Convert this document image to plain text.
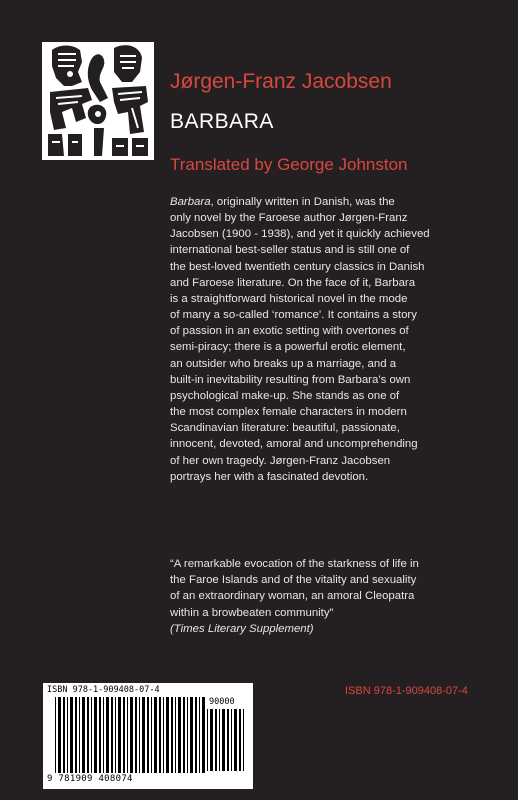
Jørgen-Franz Jacobsen
BARBARA
Translated by George Johnston
Barbara, originally written in Danish, was the
only novel by the Faroese author Jørgen-Franz
Jacobsen (1900 - 1938), and yet it quickly achieved
international best-seller status and is still one of
the best-loved twentieth century classics in Danish
and Faroese literature. On the face of it, Barbara
is a straightforward historical novel in the mode
of many a so-called ‘romance’. It contains a story
of passion in an exotic setting with overtones of
semi-piracy; there is a powerful erotic element,
an outsider who breaks up a marriage, and a
built-in inevitability resulting from Barbara’s own
psychological make-up. She stands as one of
the most complex female characters in modern
Scandinavian literature: beautiful, passionate,
innocent, devoted, amoral and uncomprehending
of her own tragedy. Jørgen-Franz Jacobsen
portrays her with a fascinated devotion.
“A remarkable evocation of the starkness of life in
the Faroe Islands and of the vitality and sexuality
of an extraordinary woman, an amoral Cleopatra
within a browbeaten community”
(Times Literary Supplement)
ISBN 978-1-909408-07-4
90000
9 781909 408074
ISBN 978-1-909408-07-4
